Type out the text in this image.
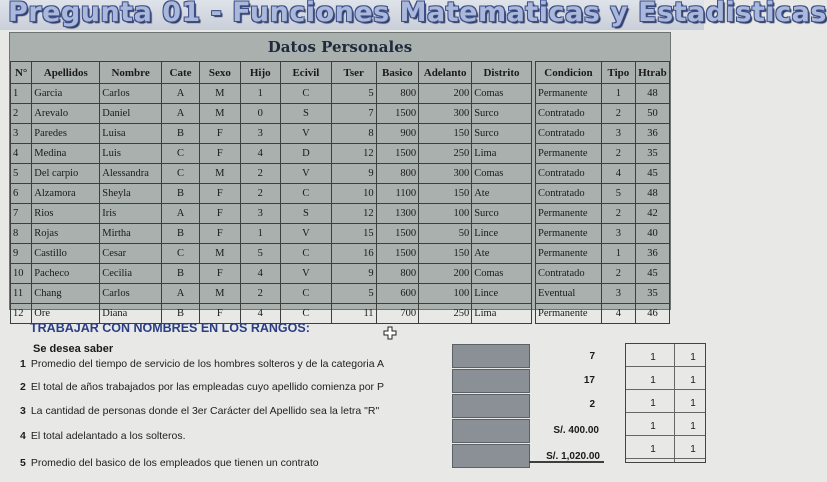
Pregunta 01 - Funciones Matematicas y Estadisticas
Datos Personales
N°	Apellidos	Nombre	Cate	Sexo	Hijo	Ecivil	Tser	Basico	Adelanto	Distrito		Condicion	Tipo	Htrab
1	Garcia	Carlos	A	M	1	C	5	800	200	Comas		Permanente	1	48
2	Arevalo	Daniel	A	M	0	S	7	1500	300	Surco		Contratado	2	50
3	Paredes	Luisa	B	F	3	V	8	900	150	Surco		Contratado	3	36
4	Medina	Luis	C	F	4	D	12	1500	250	Lima		Permanente	2	35
5	Del carpio	Alessandra	C	M	2	V	9	800	300	Comas		Contratado	4	45
6	Alzamora	Sheyla	B	F	2	C	10	1100	150	Ate		Contratado	5	48
7	Rios	Iris	A	F	3	S	12	1300	100	Surco		Permanente	2	42
8	Rojas	Mirtha	B	F	1	V	15	1500	50	Lince		Permanente	3	40
9	Castillo	Cesar	C	M	5	C	16	1500	150	Ate		Permanente	1	36
10	Pacheco	Cecilia	B	F	4	V	9	800	200	Comas		Contratado	2	45
11	Chang	Carlos	A	M	2	C	5	600	100	Lince		Eventual	3	35
12	Ore	Diana	B	F	4	C	11	700	250	Lima		Permanente	4	46
TRABAJAR CON NOMBRES EN LOS RANGOS:
Se desea saber
1 Promedio del tiempo de servicio de los hombres solteros y de la categoria A
7
2 El total de años trabajados por las empleadas cuyo apellido comienza por P
17
3 La cantidad de personas donde el 3er Carácter del Apellido sea la letra "R"
2
4 El total adelantado a los solteros.	S/. 400.00
5 Promedio del basico de los empleados que tienen un contrato
S/. 1,020.00
1	1
1	1
1	1
1	1
1	1
